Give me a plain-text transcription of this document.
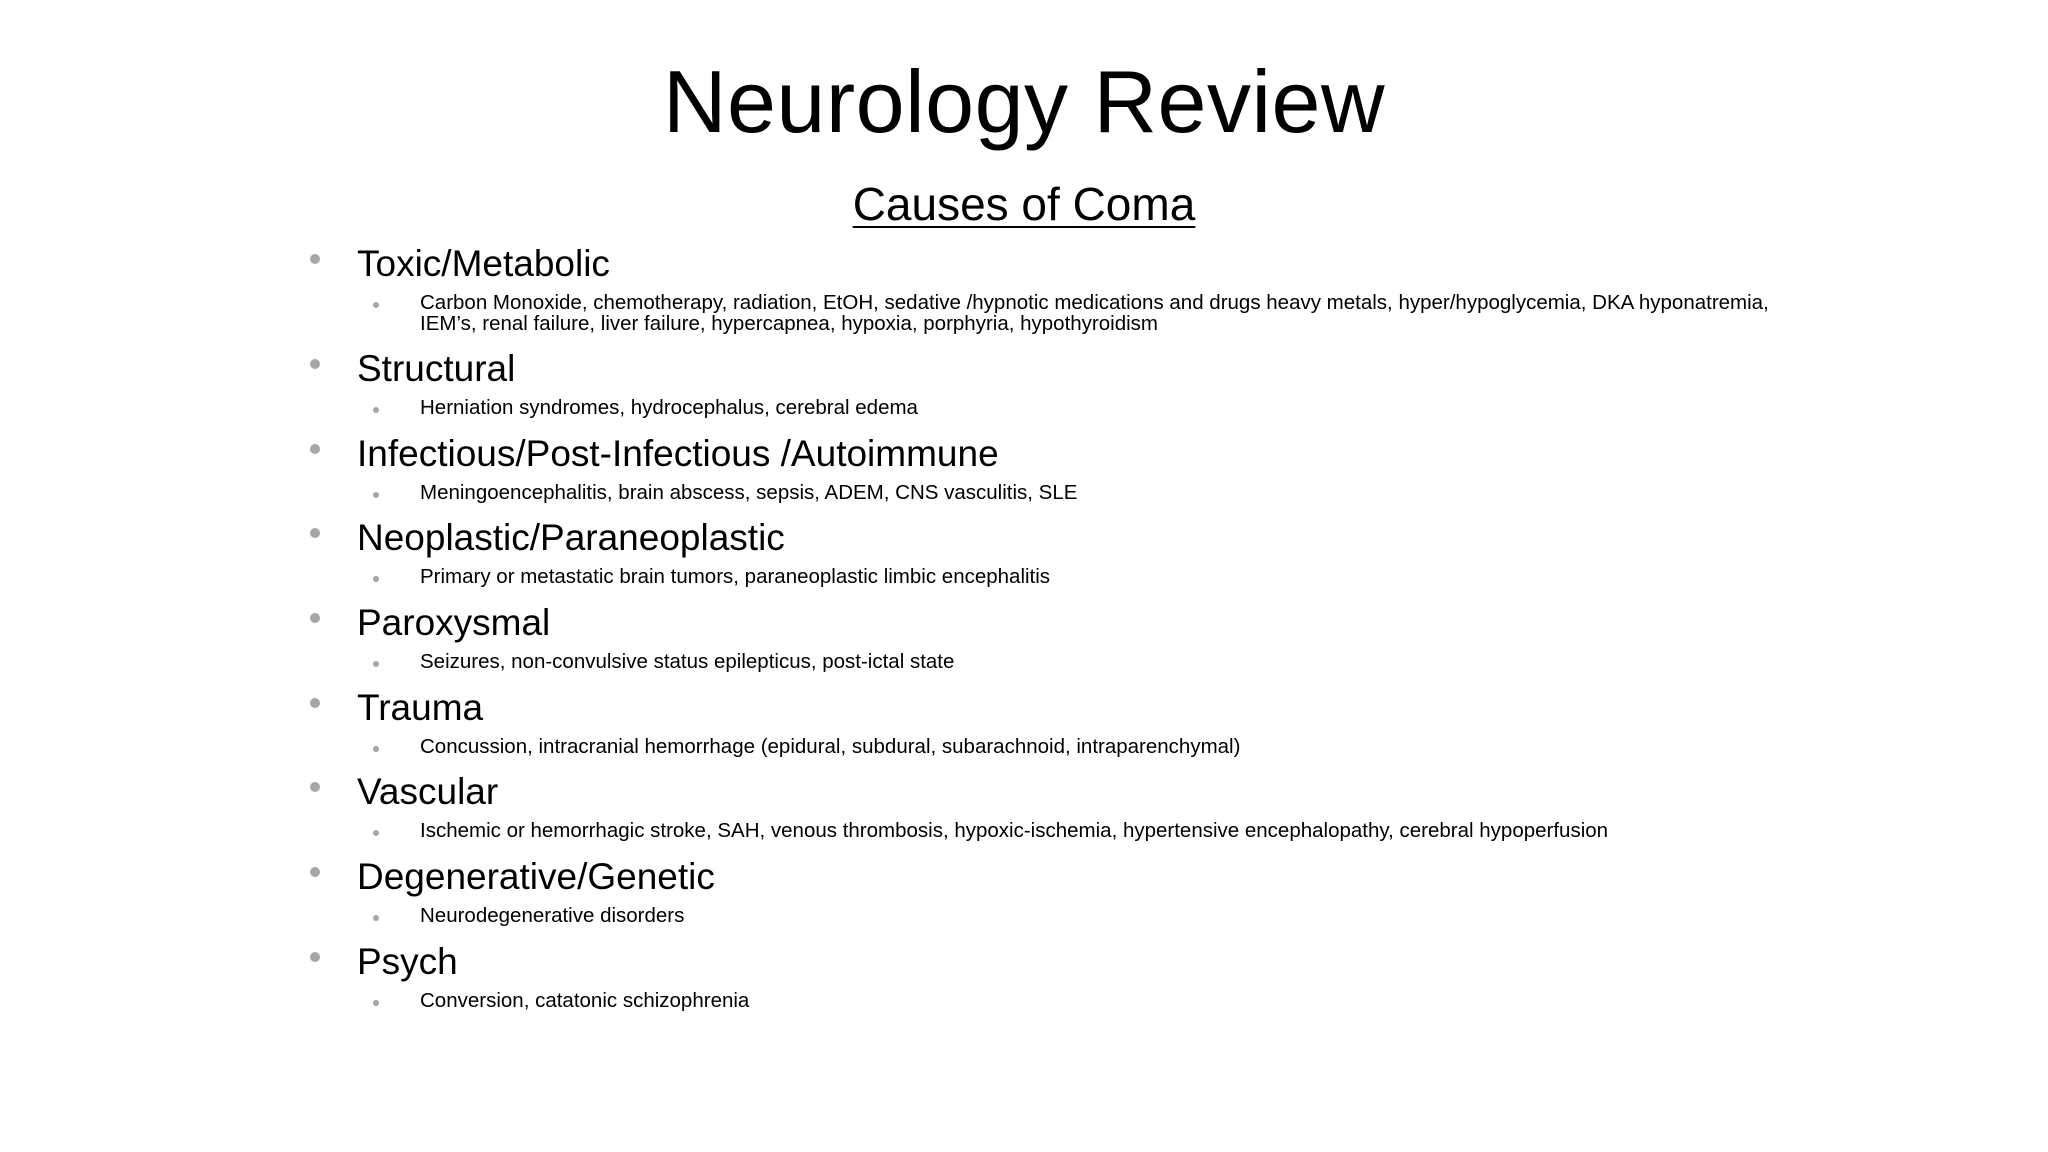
Neurology Review
Causes of Coma
Toxic/Metabolic
Carbon Monoxide, chemotherapy, radiation, EtOH, sedative /hypnotic medications and drugs heavy metals, hyper/hypoglycemia, DKA hyponatremia, IEM’s, renal failure, liver failure, hypercapnea, hypoxia, porphyria, hypothyroidism
Structural
Herniation syndromes, hydrocephalus, cerebral edema
Infectious/Post-Infectious /Autoimmune
Meningoencephalitis, brain abscess, sepsis, ADEM, CNS vasculitis, SLE
Neoplastic/Paraneoplastic
Primary or metastatic brain tumors, paraneoplastic limbic encephalitis
Paroxysmal
Seizures, non-convulsive status epilepticus, post-ictal state
Trauma
Concussion, intracranial hemorrhage (epidural, subdural, subarachnoid, intraparenchymal)
Vascular
Ischemic or hemorrhagic stroke, SAH, venous thrombosis, hypoxic-ischemia, hypertensive encephalopathy, cerebral hypoperfusion
Degenerative/Genetic
Neurodegenerative disorders
Psych
Conversion, catatonic schizophrenia
